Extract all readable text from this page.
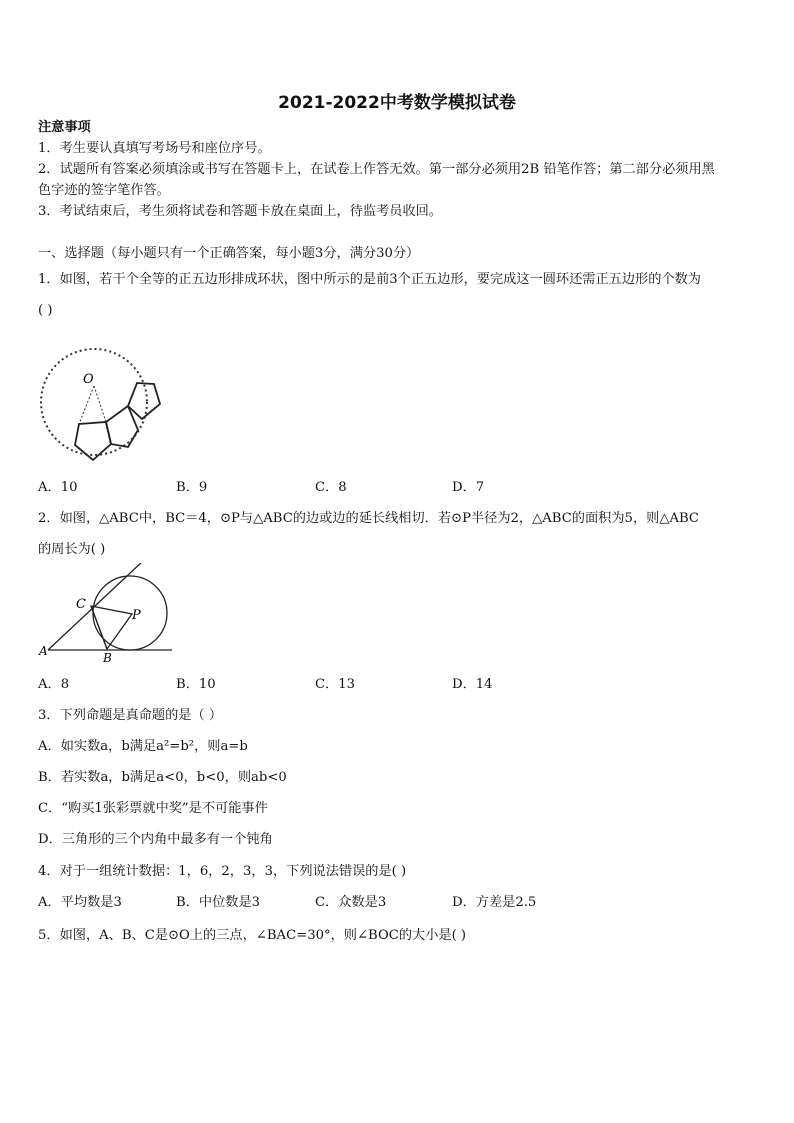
2021-2022中考数学模拟试卷
注意事项
1．考生要认真填写考场号和座位序号。
2．试题所有答案必须填涂或书写在答题卡上，在试卷上作答无效。第一部分必须用2B 铅笔作答；第二部分必须用黑
色字迹的签字笔作答。
3．考试结束后，考生须将试卷和答题卡放在桌面上，待监考员收回。
一、选择题（每小题只有一个正确答案，每小题3分，满分30分）
1．如图，若干个全等的正五边形排成环状，图中所示的是前3个正五边形，要完成这一圆环还需正五边形的个数为
( )
O
A．10	B．9	C．8	D．7
2．如图，△ABC中，BC＝4，⊙P与△ABC的边或边的延长线相切．若⊙P半径为2，△ABC的面积为5，则△ABC
的周长为( )
C
P
A	B
A．8	B．10	C．13	D．14
3．下列命题是真命题的是（ ）
A．如实数a，b满足a²=b²，则a=b
B．若实数a，b满足a<0，b<0，则ab<0
C．“购买1张彩票就中奖”是不可能事件
D．三角形的三个内角中最多有一个钝角
4．对于一组统计数据：1，6，2，3，3，下列说法错误的是( )
A．平均数是3	B．中位数是3	C．众数是3	D．方差是2.5
5．如图，A、B、C是⊙O上的三点，∠BAC=30°，则∠BOC的大小是( )
